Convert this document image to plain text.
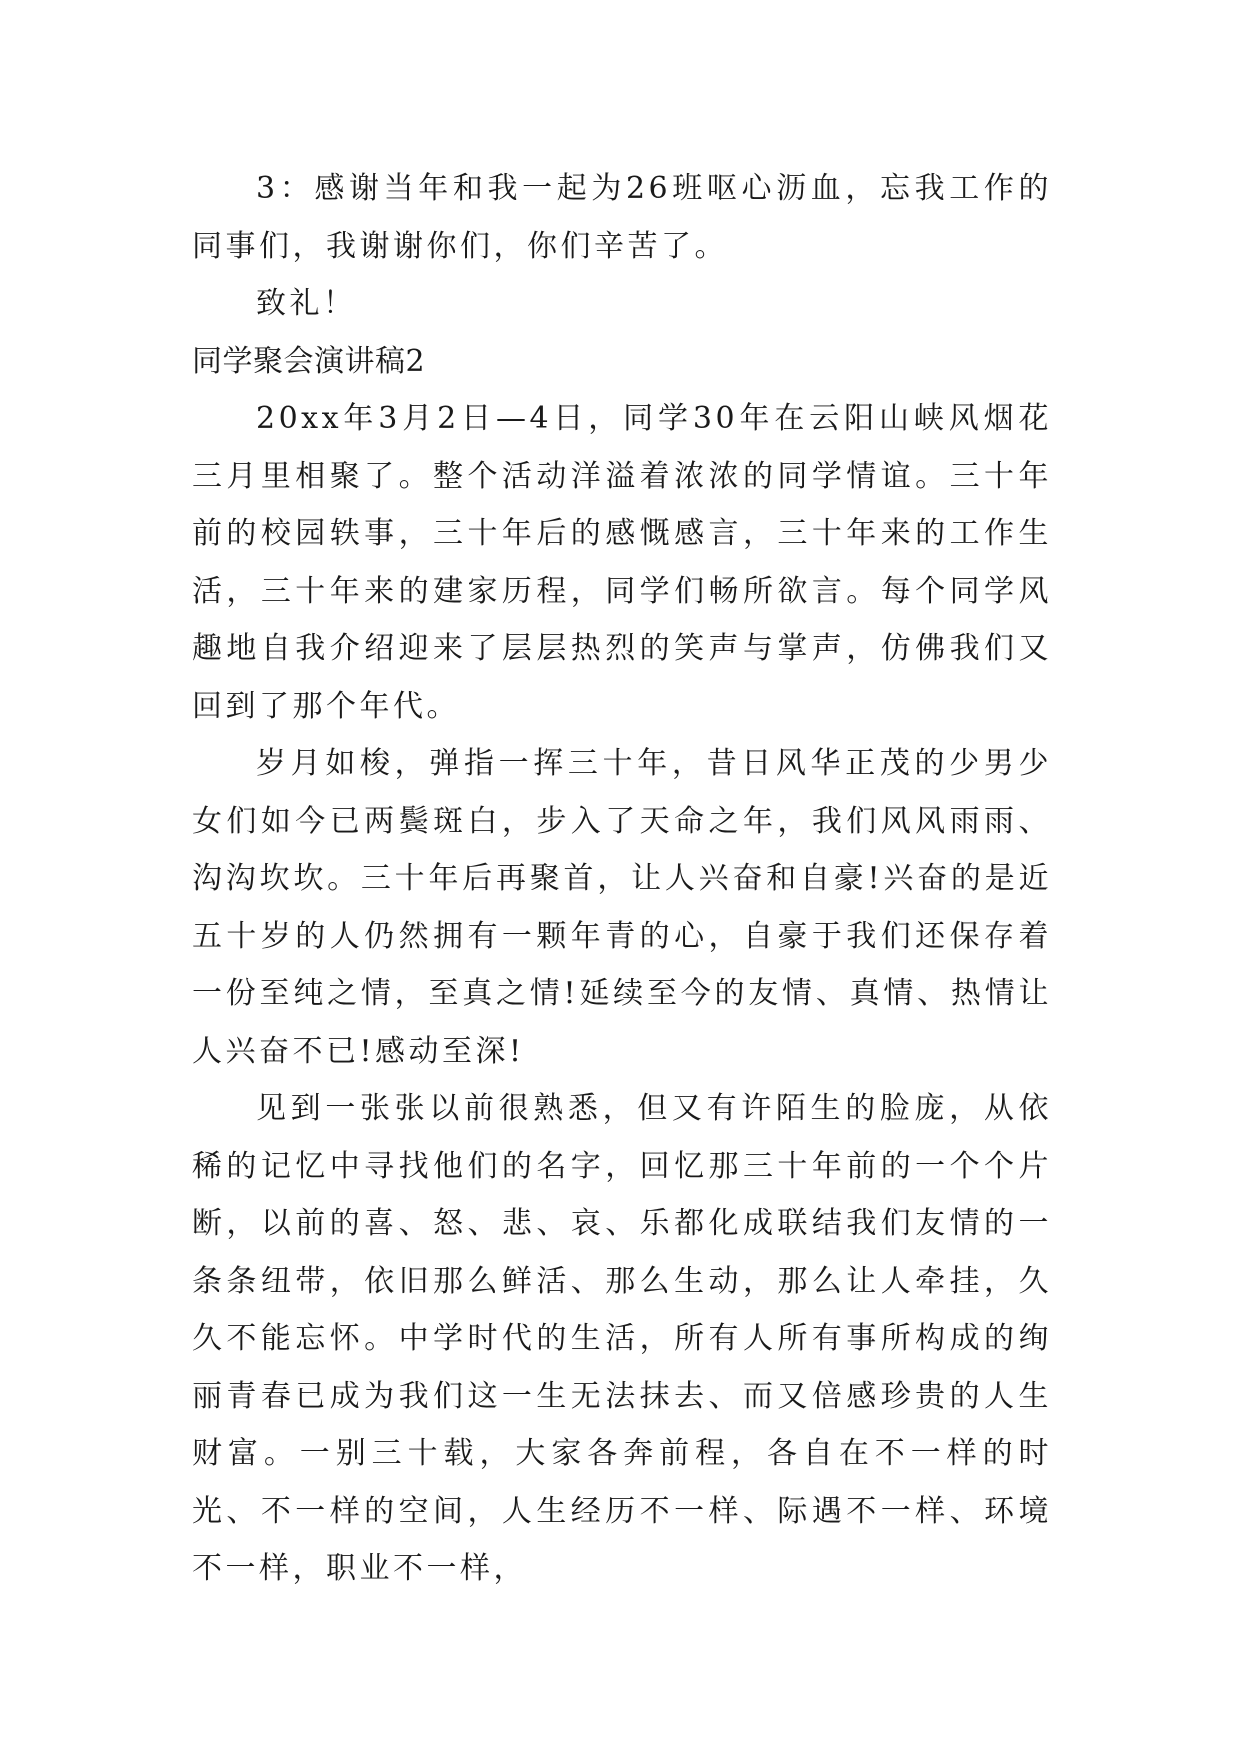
3：感谢当年和我一起为26班呕心沥血，忘我工作的同事们，我谢谢你们，你们辛苦了。

致礼！

同学聚会演讲稿2

20xx年3月2日—4日，同学30年在云阳山峡风烟花三月里相聚了。整个活动洋溢着浓浓的同学情谊。三十年前的校园轶事，三十年后的感慨感言，三十年来的工作生活，三十年来的建家历程，同学们畅所欲言。每个同学风趣地自我介绍迎来了层层热烈的笑声与掌声，仿佛我们又回到了那个年代。

岁月如梭，弹指一挥三十年，昔日风华正茂的少男少女们如今已两鬓斑白，步入了天命之年，我们风风雨雨、沟沟坎坎。三十年后再聚首，让人兴奋和自豪!兴奋的是近五十岁的人仍然拥有一颗年青的心，自豪于我们还保存着一份至纯之情，至真之情!延续至今的友情、真情、热情让人兴奋不已!感动至深!

见到一张张以前很熟悉，但又有许陌生的脸庞，从依稀的记忆中寻找他们的名字，回忆那三十年前的一个个片断，以前的喜、怒、悲、哀、乐都化成联结我们友情的一条条纽带，依旧那么鲜活、那么生动，那么让人牵挂，久久不能忘怀。中学时代的生活，所有人所有事所构成的绚丽青春已成为我们这一生无法抹去、而又倍感珍贵的人生财富。一别三十载，大家各奔前程，各自在不一样的时光、不一样的空间，人生经历不一样、际遇不一样、环境不一样，职业不一样，
